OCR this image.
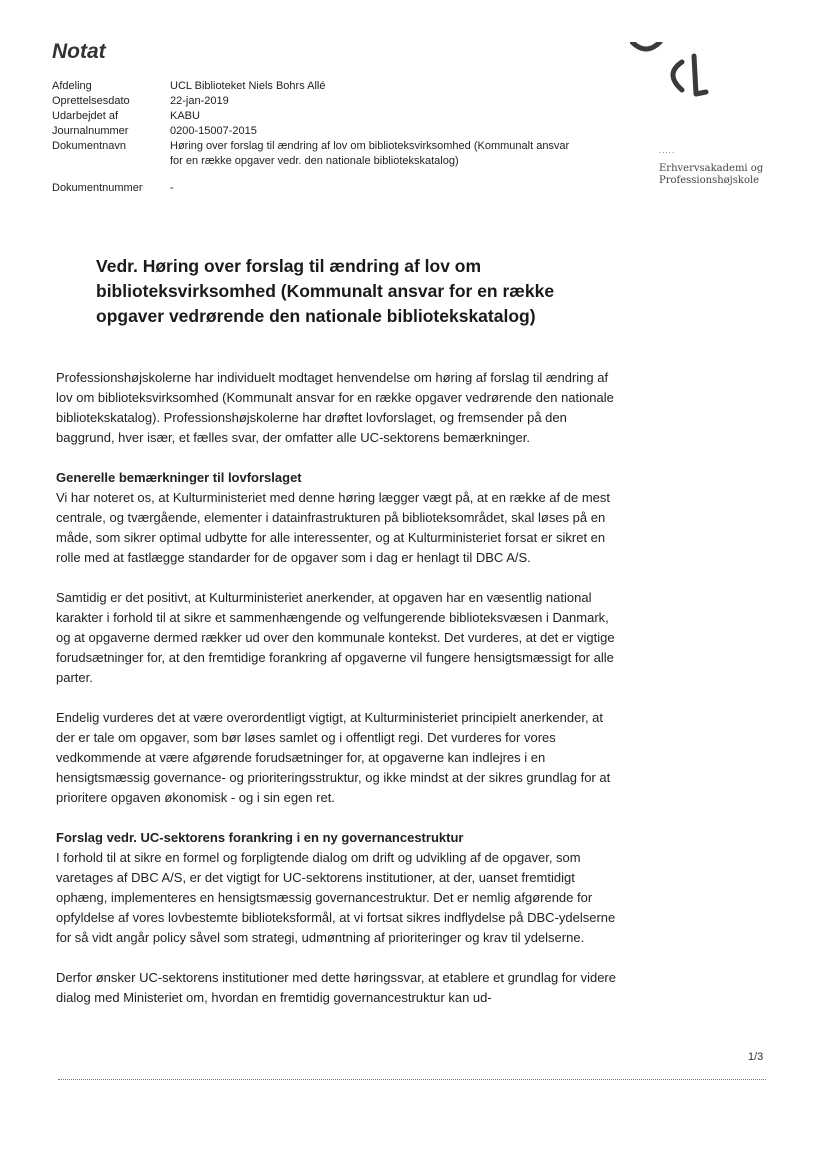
Notat
Afdeling	UCL Biblioteket Niels Bohrs Allé
Oprettelsesdato	22-jan-2019
Udarbejdet af	KABU
Journalnummer	0200-15007-2015
Dokumentnavn	Høring over forslag til ændring af lov om biblioteksvirksomhed (Kommunalt ansvar for en række opgaver vedr. den nationale bibliotekskatalog)
Dokumentnummer	-
.....
Erhvervsakademi og
Professionshøjskole
Vedr. Høring over forslag til ændring af lov om biblioteksvirksomhed (Kommunalt ansvar for en række opgaver vedrørende den nationale bibliotekskatalog)

Professionshøjskolerne har individuelt modtaget henvendelse om høring af forslag til ændring af lov om biblioteksvirksomhed (Kommunalt ansvar for en række opgaver vedrørende den nationale bibliotekskatalog). Professionshøjskolerne har drøftet lovforslaget, og fremsender på den baggrund, hver især, et fælles svar, der omfatter alle UC-sektorens bemærkninger.

Generelle bemærkninger til lovforslaget

Vi har noteret os, at Kulturministeriet med denne høring lægger vægt på, at en række af de mest centrale, og tværgående, elementer i datainfrastrukturen på biblioteksområdet, skal løses på en måde, som sikrer optimal udbytte for alle interessenter, og at Kulturministeriet forsat er sikret en rolle med at fastlægge standarder for de opgaver som i dag er henlagt til DBC A/S.

Samtidig er det positivt, at Kulturministeriet anerkender, at opgaven har en væsentlig national karakter i forhold til at sikre et sammenhængende og velfungerende biblioteksvæsen i Danmark, og at opgaverne dermed rækker ud over den kommunale kontekst. Det vurderes, at det er vigtige forudsætninger for, at den fremtidige forankring af opgaverne vil fungere hensigtsmæssigt for alle parter.

Endelig vurderes det at være overordentligt vigtigt, at Kulturministeriet principielt anerkender, at der er tale om opgaver, som bør løses samlet og i offentligt regi. Det vurderes for vores vedkommende at være afgørende forudsætninger for, at opgaverne kan indlejres i en hensigtsmæssig governance- og prioriteringsstruktur, og ikke mindst at der sikres grundlag for at prioritere opgaven økonomisk - og i sin egen ret.

Forslag vedr. UC-sektorens forankring i en ny governancestruktur

I forhold til at sikre en formel og forpligtende dialog om drift og udvikling af de opgaver, som varetages af DBC A/S, er det vigtigt for UC-sektorens institutioner, at der, uanset fremtidigt ophæng, implementeres en hensigtsmæssig governancestruktur. Det er nemlig afgørende for opfyldelse af vores lovbestemte biblioteksformål, at vi fortsat sikres indflydelse på DBC-ydelserne for så vidt angår policy såvel som strategi, udmøntning af prioriteringer og krav til ydelserne.

Derfor ønsker UC-sektorens institutioner med dette høringssvar, at etablere et grundlag for videre dialog med Ministeriet om, hvordan en fremtidig governancestruktur kan ud-

1/3
